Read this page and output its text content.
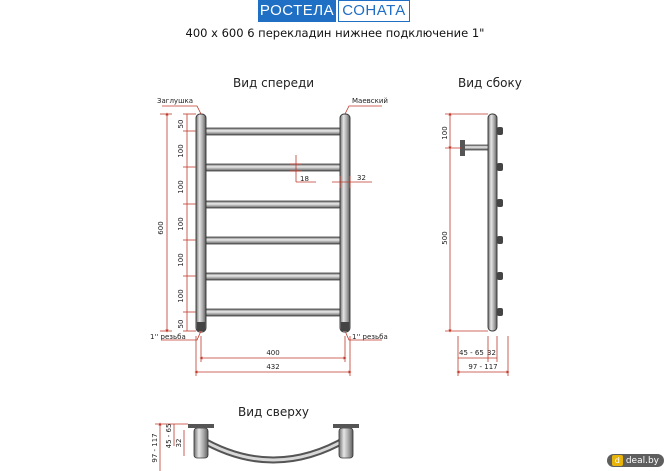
РОСТЕЛА СОНАТА
400 x 600 6 перекладин нижнее подключение 1"
Вид спереди	Вид сбоку
Вид сверху
Заглушка	Маевский
1'' резьба	1'' резьба
600
50
100
100
100
100
100
50
18	32
400
432
100
500
45 - 65 32
97 - 117
97 - 117 45 - 65 32
d deal.by
